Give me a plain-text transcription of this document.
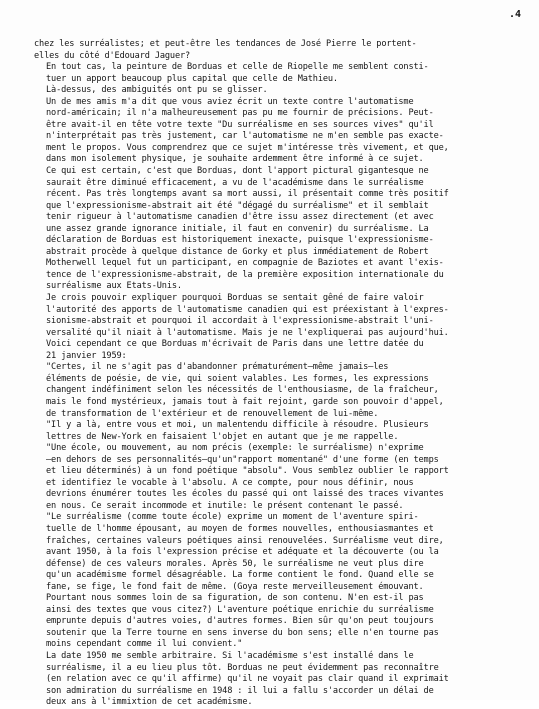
.4

chez les surréalistes; et peut-être les tendances de José Pierre le portent-
elles du côté d'Edouard Jaguer?

En tout cas, la peinture de Borduas et celle de Riopelle me semblent consti-
tuer un apport beaucoup plus capital que celle de Mathieu.

Là-dessus, des ambiguités ont pu se glisser.

Un de mes amis m'a dit que vous aviez écrit un texte contre l'automatisme
nord-américain; il n'a malheureusement pas pu me fournir de précisions. Peut-
être avait-il en tête votre texte "Du surréalisme en ses sources vives" qu'il
n'interprétait pas très justement, car l'automatisme ne m'en semble pas exacte-
ment le propos. Vous comprendrez que ce sujet m'intéresse très vivement, et que,
dans mon isolement physique, je souhaite ardemment être informé à ce sujet.

Ce qui est certain, c'est que Borduas, dont l'apport pictural gigantesque ne
saurait être diminué efficacement, a vu de l'académisme dans le surréalisme
récent. Pas très longtemps avant sa mort aussi, il présentait comme très positif
que l'expressionisme-abstrait ait été "dégagé du surréalisme" et il semblait
tenir rigueur à l'automatisme canadien d'être issu assez directement (et avec
une assez grande ignorance initiale, il faut en convenir) du surréalisme. La
déclaration de Borduas est historiquement inexacte, puisque l'expressionisme-
abstrait procède à quelque distance de Gorky et plus immédiatement de Robert
Motherwell lequel fut un participant, en compagnie de Baziotes et avant l'exis-
tence de l'expressionisme-abstrait, de la première exposition internationale du
surréalisme aux Etats-Unis.

Je crois pouvoir expliquer pourquoi Borduas se sentait gêné de faire valoir
l'autorité des apports de l'automatisme canadien qui est préexistant à l'expres-
sionisme-abstrait et pourquoi il accordait à l'expressionisme-abstrait l'uni-
versalité qu'il niait à l'automatisme. Mais je ne l'expliquerai pas aujourd'hui.

Voici cependant ce que Borduas m'écrivait de Paris dans une lettre datée du
21 janvier 1959:

"Certes, il ne s'agit pas d'abandonner prématurément—même jamais—les
éléments de poésie, de vie, qui soient valables. Les formes, les expressions
changent indéfiniment selon les nécessités de l'enthousiasme, de la fraîcheur,
mais le fond mystérieux, jamais tout à fait rejoint, garde son pouvoir d'appel,
de transformation de l'extérieur et de renouvellement de lui-même.

"Il y a là, entre vous et moi, un malentendu difficile à résoudre. Plusieurs
lettres de New-York en faisaient l'objet en autant que je me rappelle.

"Une école, ou mouvement, au nom précis (exemple: le surréalisme) n'exprime
—en dehors de ses personnalités—qu'un"rapport momentané" d'une forme (en temps
et lieu déterminés) à un fond poétique "absolu". Vous semblez oublier le rapport
et identifiez le vocable à l'absolu. A ce compte, pour nous définir, nous
devrions énumérer toutes les écoles du passé qui ont laissé des traces vivantes
en nous. Ce serait incommode et inutile: le présent contenant le passé.

"Le surréalisme (comme toute école) exprime un moment de l'aventure spiri-
tuelle de l'homme épousant, au moyen de formes nouvelles, enthousiasmantes et
fraîches, certaines valeurs poétiques ainsi renouvelées. Surréalisme veut dire,
avant 1950, à la fois l'expression précise et adéquate et la découverte (ou la
défense) de ces valeurs morales. Après 50, le surréalisme ne veut plus dire
qu'un académisme formel désagréable. La forme contient le fond. Quand elle se
fane, se fige, le fond fait de même. (Goya reste merveilleusement émouvant.
Pourtant nous sommes loin de sa figuration, de son contenu. N'en est-il pas
ainsi des textes que vous citez?) L'aventure poétique enrichie du surréalisme
emprunte depuis d'autres voies, d'autres formes. Bien sûr qu'on peut toujours
soutenir que la Terre tourne en sens inverse du bon sens; elle n'en tourne pas
moins cependant comme il lui convient."

La date 1950 me semble arbitraire. Si l'académisme s'est installé dans le
surréalisme, il a eu lieu plus tôt. Borduas ne peut évidemment pas reconnaître
(en relation avec ce qu'il affirme) qu'il ne voyait pas clair quand il exprimait
son admiration du surréalisme en 1948 : il lui a fallu s'accorder un délai de
deux ans à l'immixtion de cet académisme.
